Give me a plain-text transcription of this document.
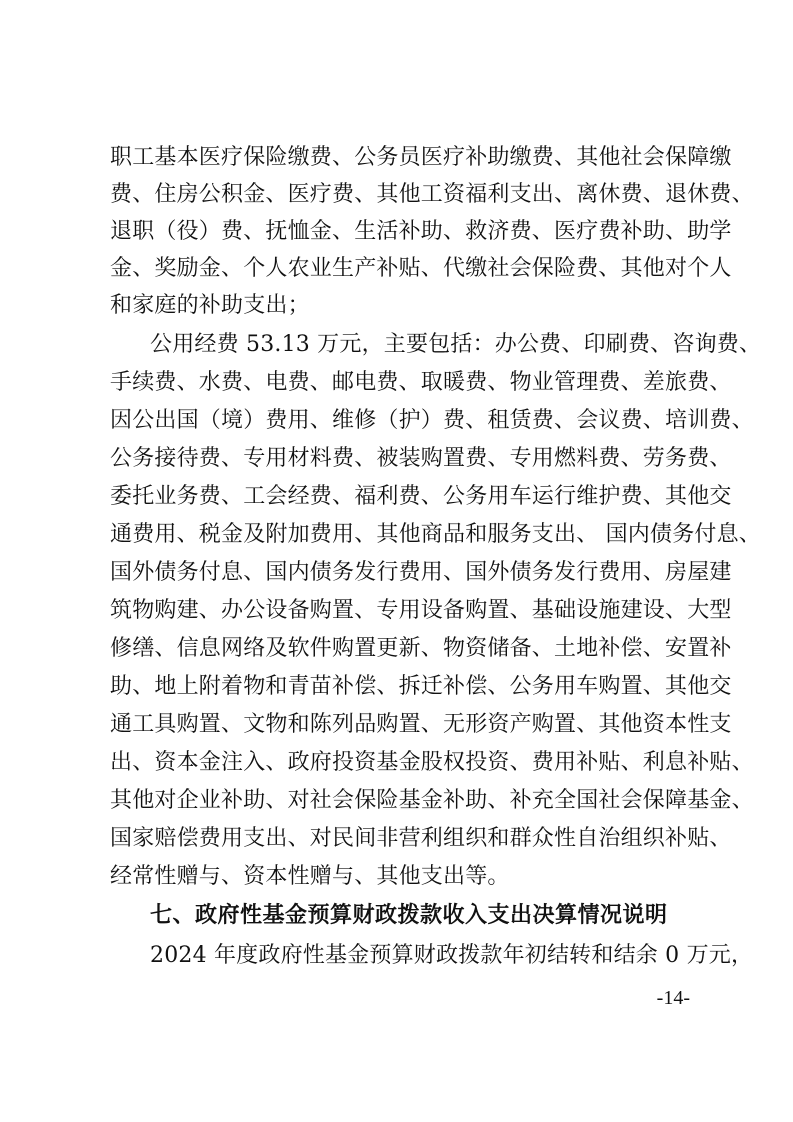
职工基本医疗保险缴费、公务员医疗补助缴费、其他社会保障缴
费、住房公积金、医疗费、其他工资福利支出、离休费、退休费、
退职（役）费、抚恤金、生活补助、救济费、医疗费补助、助学
金、奖励金、个人农业生产补贴、代缴社会保险费、其他对个人
和家庭的补助支出；
公用经费 53.13 万元，主要包括：办公费、印刷费、咨询费、
手续费、水费、电费、邮电费、取暖费、物业管理费、差旅费、
因公出国（境）费用、维修（护）费、租赁费、会议费、培训费、
公务接待费、专用材料费、被装购置费、专用燃料费、劳务费、
委托业务费、工会经费、福利费、公务用车运行维护费、其他交
通费用、税金及附加费用、其他商品和服务支出、 国内债务付息、
国外债务付息、国内债务发行费用、国外债务发行费用、房屋建
筑物购建、办公设备购置、专用设备购置、基础设施建设、大型
修缮、信息网络及软件购置更新、物资储备、土地补偿、安置补
助、地上附着物和青苗补偿、拆迁补偿、公务用车购置、其他交
通工具购置、文物和陈列品购置、无形资产购置、其他资本性支
出、资本金注入、政府投资基金股权投资、费用补贴、利息补贴、
其他对企业补助、对社会保险基金补助、补充全国社会保障基金、
国家赔偿费用支出、对民间非营利组织和群众性自治组织补贴、
经常性赠与、资本性赠与、其他支出等。
七、政府性基金预算财政拨款收入支出决算情况说明
2024 年度政府性基金预算财政拨款年初结转和结余 0 万元，
-14-
